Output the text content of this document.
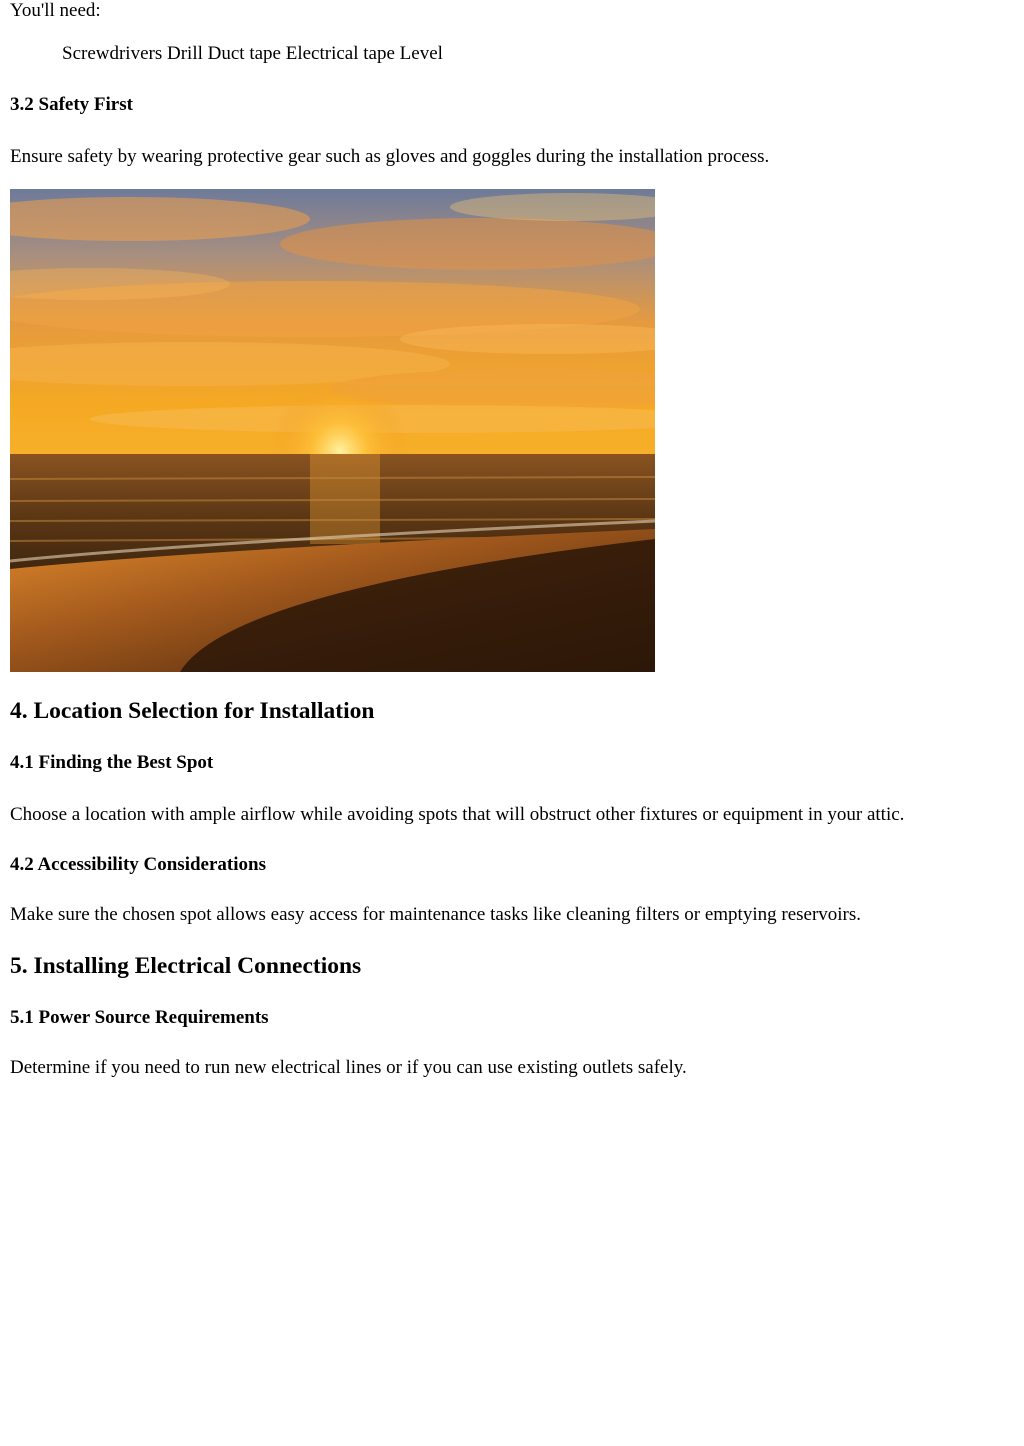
You'll need:

Screwdrivers Drill Duct tape Electrical tape Level
3.2 Safety First

Ensure safety by wearing protective gear such as gloves and goggles during the installation process.

4. Location Selection for Installation
4.1 Finding the Best Spot

Choose a location with ample airflow while avoiding spots that will obstruct other fixtures or equipment in your attic.

4.2 Accessibility Considerations

Make sure the chosen spot allows easy access for maintenance tasks like cleaning filters or emptying reservoirs.

5. Installing Electrical Connections
5.1 Power Source Requirements

Determine if you need to run new electrical lines or if you can use existing outlets safely.
